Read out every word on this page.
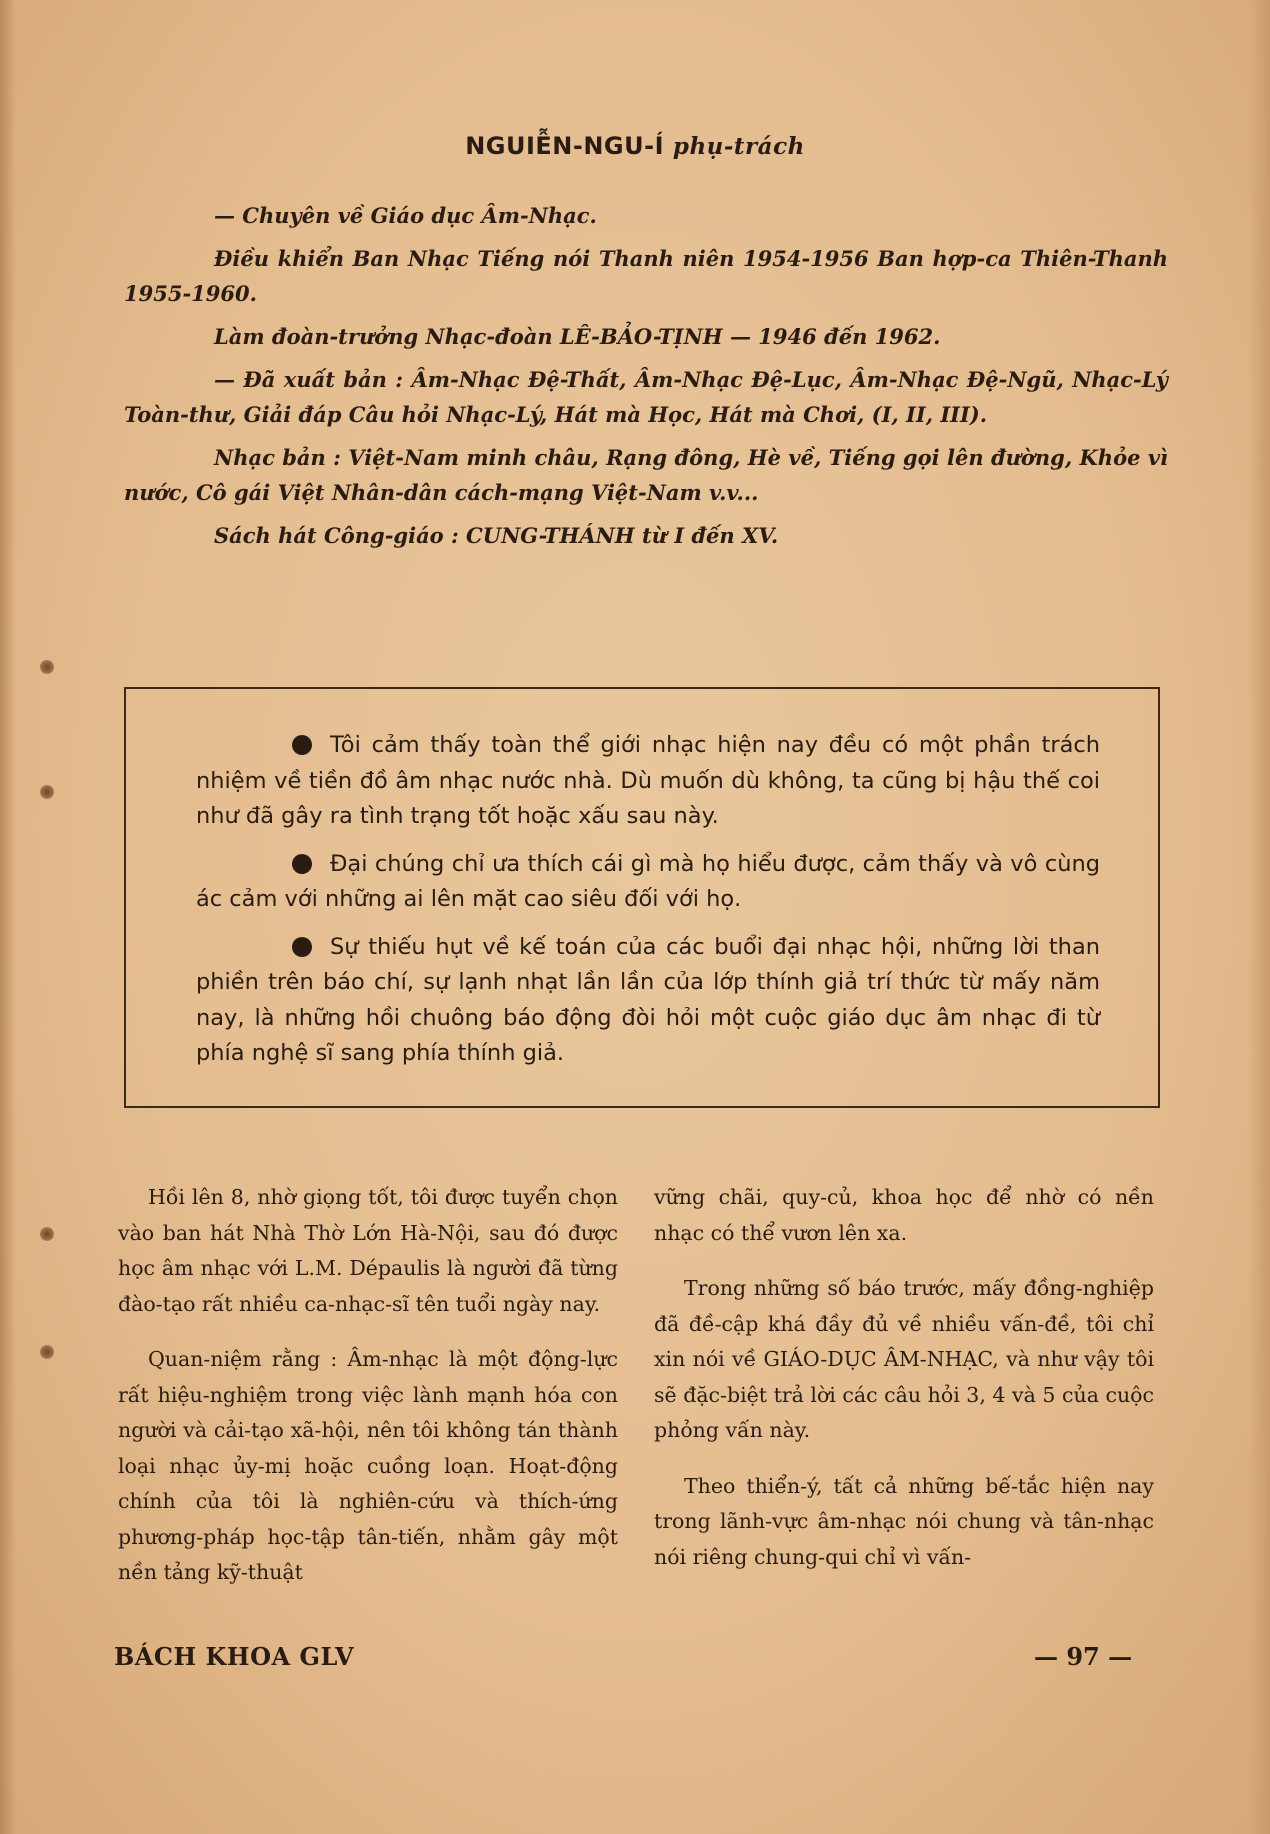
NGUIỄN-NGU-Í phụ-trách

— Chuyên về Giáo dục Âm-Nhạc.

Điều khiển Ban Nhạc Tiếng nói Thanh niên 1954-1956 Ban hợp-ca Thiên-Thanh 1955-1960.

Làm đoàn-trưởng Nhạc-đoàn LÊ-BẢO-TỊNH — 1946 đến 1962.

— Đã xuất bản : Âm-Nhạc Đệ-Thất, Âm-Nhạc Đệ-Lục, Âm-Nhạc Đệ-Ngũ, Nhạc-Lý Toàn-thư, Giải đáp Câu hỏi Nhạc-Lý, Hát mà Học, Hát mà Chơi, (I, II, III).

Nhạc bản : Việt-Nam minh châu, Rạng đông, Hè về, Tiếng gọi lên đường, Khỏe vì nước, Cô gái Việt Nhân-dân cách-mạng Việt-Nam v.v...

Sách hát Công-giáo : CUNG-THÁNH từ I đến XV.

Tôi cảm thấy toàn thể giới nhạc hiện nay đều có một phần trách nhiệm về tiền đồ âm nhạc nước nhà. Dù muốn dù không, ta cũng bị hậu thế coi như đã gây ra tình trạng tốt hoặc xấu sau này.

Đại chúng chỉ ưa thích cái gì mà họ hiểu được, cảm thấy và vô cùng ác cảm với những ai lên mặt cao siêu đối với họ.

Sự thiếu hụt về kế toán của các buổi đại nhạc hội, những lời than phiền trên báo chí, sự lạnh nhạt lần lần của lớp thính giả trí thức từ mấy năm nay, là những hồi chuông báo động đòi hỏi một cuộc giáo dục âm nhạc đi từ phía nghệ sĩ sang phía thính giả.

Hồi lên 8, nhờ giọng tốt, tôi được tuyển chọn vào ban hát Nhà Thờ Lớn Hà-Nội, sau đó được học âm nhạc với L.M. Dépaulis là người đã từng đào-tạo rất nhiều ca-nhạc-sĩ tên tuổi ngày nay.

Quan-niệm rằng : Âm-nhạc là một động-lực rất hiệu-nghiệm trong việc lành mạnh hóa con người và cải-tạo xã-hội, nên tôi không tán thành loại nhạc ủy-mị hoặc cuồng loạn. Hoạt-động chính của tôi là nghiên-cứu và thích-ứng phương-pháp học-tập tân-tiến, nhằm gây một nền tảng kỹ-thuật

vững chãi, quy-củ, khoa học để nhờ có nền nhạc có thể vươn lên xa.

Trong những số báo trước, mấy đồng-nghiệp đã đề-cập khá đầy đủ về nhiều vấn-đề, tôi chỉ xin nói về GIÁO-DỤC ÂM-NHẠC, và như vậy tôi sẽ đặc-biệt trả lời các câu hỏi 3, 4 và 5 của cuộc phỏng vấn này.

Theo thiển-ý, tất cả những bế-tắc hiện nay trong lãnh-vực âm-nhạc nói chung và tân-nhạc nói riêng chung-qui chỉ vì vấn-

BÁCH KHOA GLV	— 97 —
